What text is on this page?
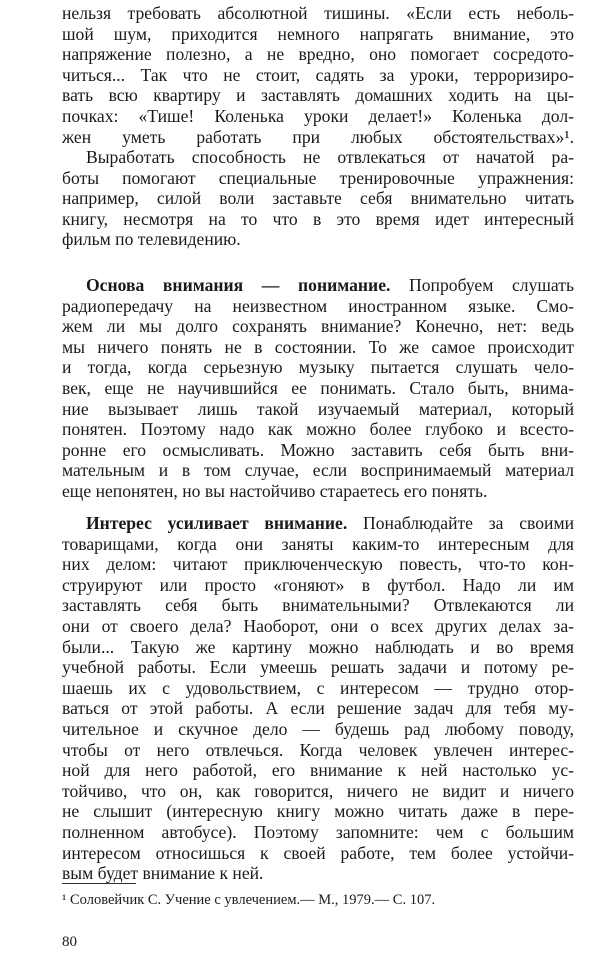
нельзя требовать абсолютной тишины. «Если есть неболь-
шой шум, приходится немного напрягать внимание, это
напряжение полезно, а не вредно, оно помогает сосредото-
читься... Так что не стоит, садять за уроки, терроризиро-
вать всю квартиру и заставлять домашних ходить на цы-
почках: «Тише! Коленька уроки делает!» Коленька дол-
жен уметь работать при любых обстоятельствах»¹.
Выработать способность не отвлекаться от начатой ра-
боты помогают специальные тренировочные упражнения:
например, силой воли заставьте себя внимательно читать
книгу, несмотря на то что в это время идет интересный
фильм по телевидению.
Основа внимания — понимание. Попробуем слушать
радиопередачу на неизвестном иностранном языке. Смо-
жем ли мы долго сохранять внимание? Конечно, нет: ведь
мы ничего понять не в состоянии. То же самое происходит
и тогда, когда серьезную музыку пытается слушать чело-
век, еще не научившийся ее понимать. Стало быть, внима-
ние вызывает лишь такой изучаемый материал, который
понятен. Поэтому надо как можно более глубоко и всесто-
ронне его осмысливать. Можно заставить себя быть вни-
мательным и в том случае, если воспринимаемый материал
еще непонятен, но вы настойчиво стараетесь его понять.
Интерес усиливает внимание. Понаблюдайте за своими
товарищами, когда они заняты каким-то интересным для
них делом: читают приключенческую повесть, что-то кон-
струируют или просто «гоняют» в футбол. Надо ли им
заставлять себя быть внимательными? Отвлекаются ли
они от своего дела? Наоборот, они о всех других делах за-
были... Такую же картину можно наблюдать и во время
учебной работы. Если умеешь решать задачи и потому ре-
шаешь их с удовольствием, с интересом — трудно отор-
ваться от этой работы. А если решение задач для тебя му-
чительное и скучное дело — будешь рад любому поводу,
чтобы от него отвлечься. Когда человек увлечен интерес-
ной для него работой, его внимание к ней настолько ус-
тойчиво, что он, как говорится, ничего не видит и ничего
не слышит (интересную книгу можно читать даже в пере-
полненном автобусе). Поэтому запомните: чем с большим
интересом относишься к своей работе, тем более устойчи-
вым будет внимание к ней.
¹ Соловейчик С. Учение с увлечением.— М., 1979.— С. 107.
80
